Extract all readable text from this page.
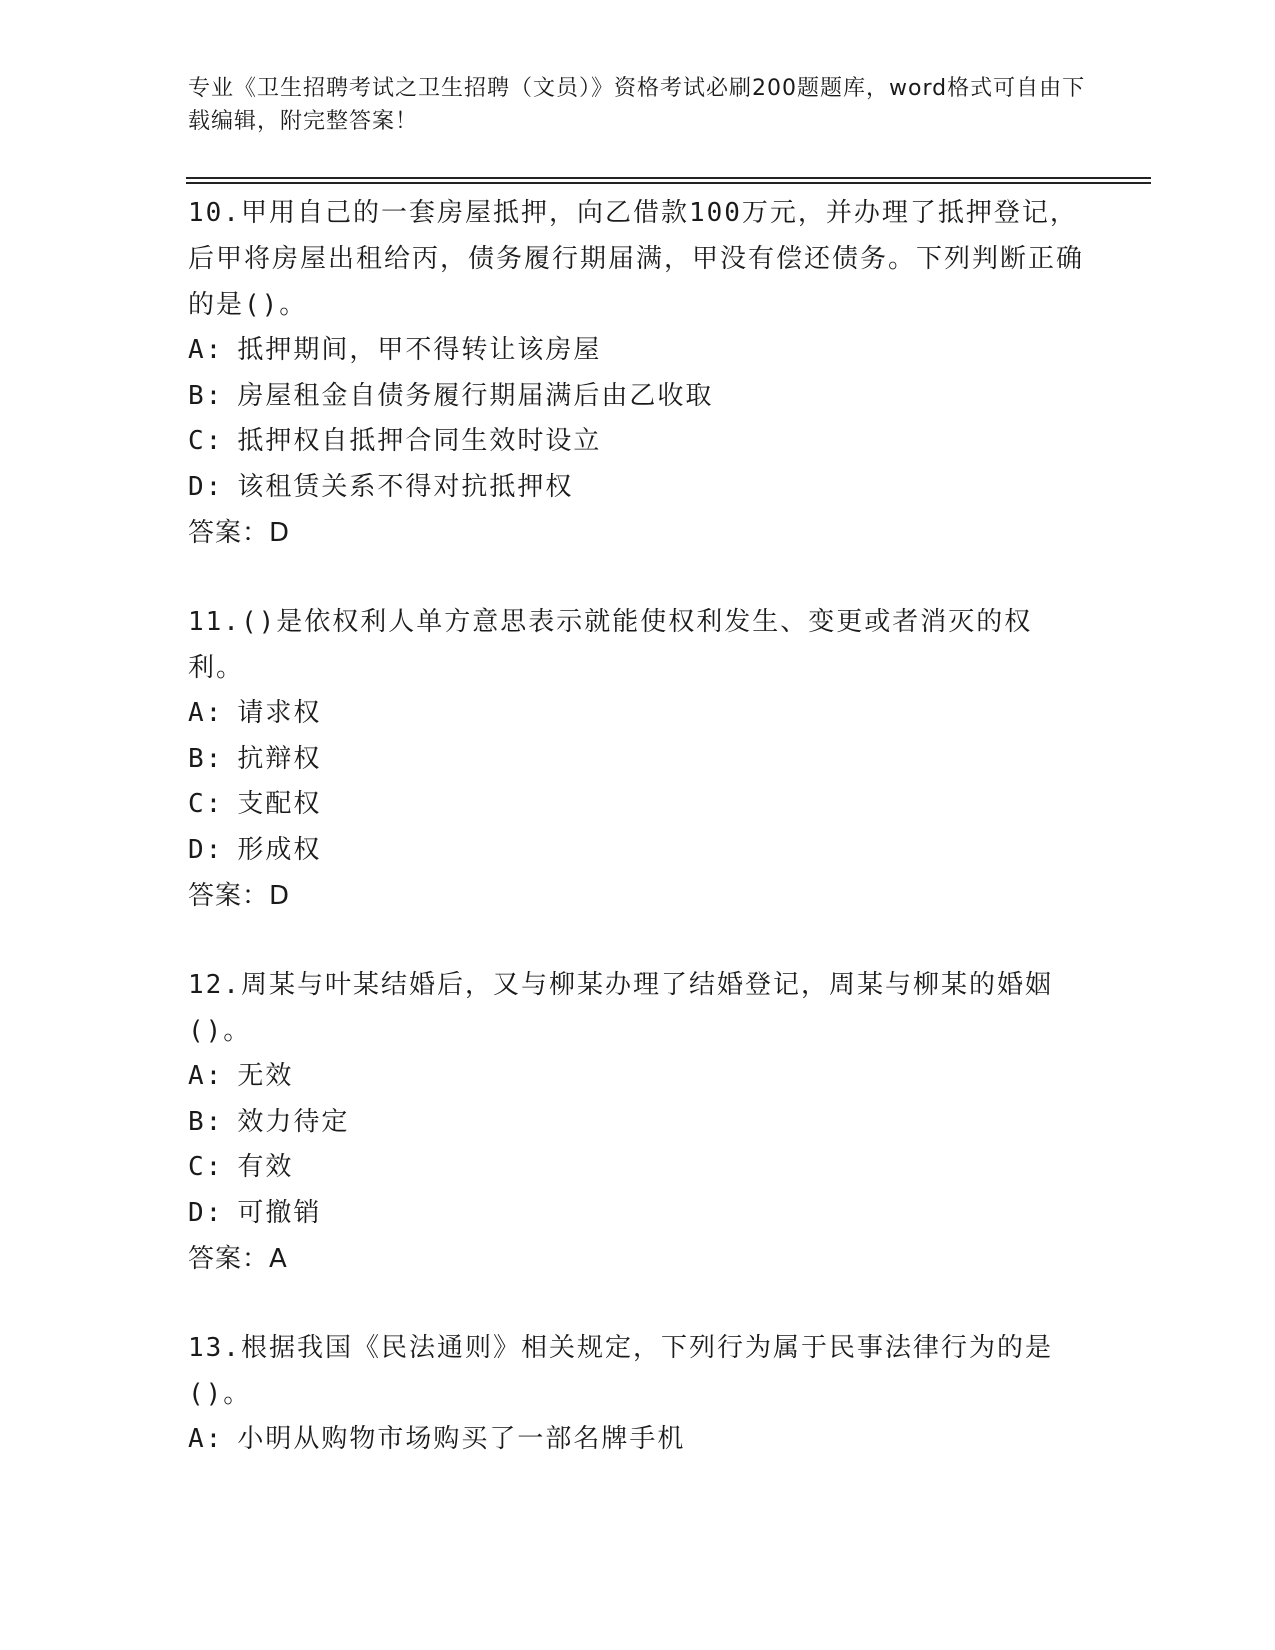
专业《卫生招聘考试之卫生招聘（文员）》资格考试必刷200题题库，word格式可自由下载编辑，附完整答案！

10.甲用自己的一套房屋抵押，向乙借款100万元，并办理了抵押登记，后甲将房屋出租给丙，债务履行期届满，甲没有偿还债务。下列判断正确的是()。

A: 抵押期间，甲不得转让该房屋

B: 房屋租金自债务履行期届满后由乙收取

C: 抵押权自抵押合同生效时设立

D: 该租赁关系不得对抗抵押权

答案：D

11.()是依权利人单方意思表示就能使权利发生、变更或者消灭的权利。

A: 请求权

B: 抗辩权

C: 支配权

D: 形成权

答案：D

12.周某与叶某结婚后，又与柳某办理了结婚登记，周某与柳某的婚姻()。

A: 无效

B: 效力待定

C: 有效

D: 可撤销

答案：A

13.根据我国《民法通则》相关规定，下列行为属于民事法律行为的是()。

A: 小明从购物市场购买了一部名牌手机
